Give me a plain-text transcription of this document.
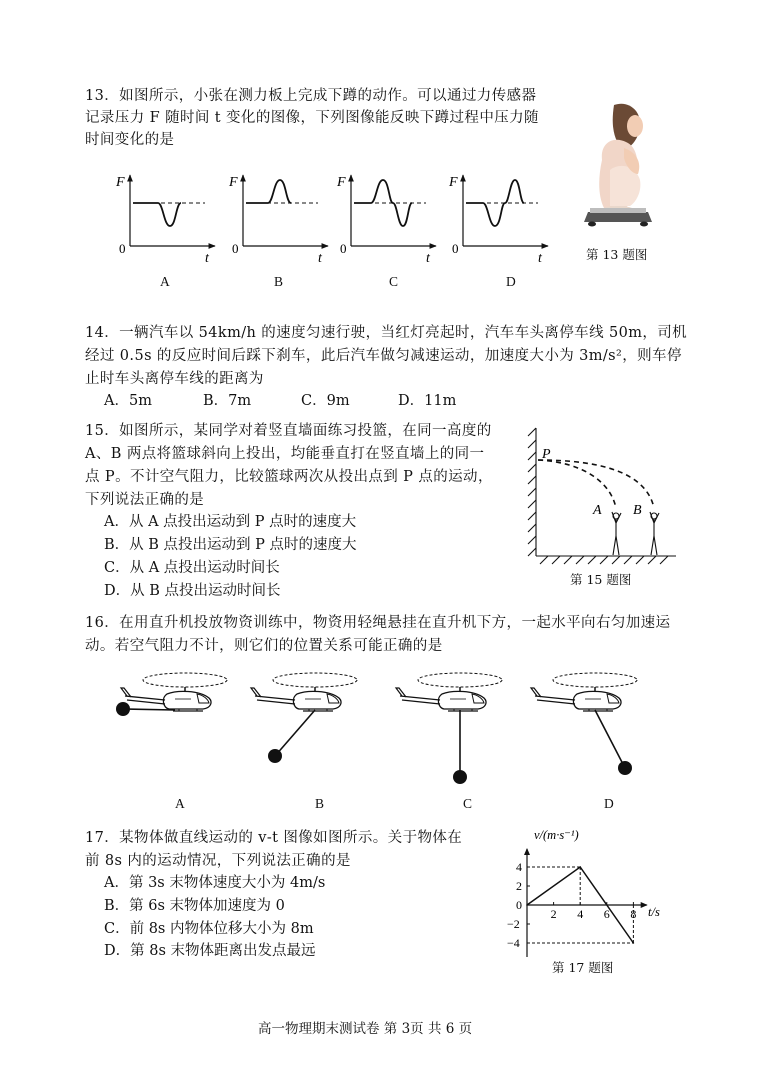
13．如图所示，小张在测力板上完成下蹲的动作。可以通过力传感器
记录压力 F 随时间 t 变化的图像，下列图像能反映下蹲过程中压力随
时间变化的是
F
0
t
F
0
t
F
0
t
F
0
t
A	B	C	D
第 13 题图
14．一辆汽车以 54km/h 的速度匀速行驶，当红灯亮起时，汽车车头离停车线 50m，司机
经过 0.5s 的反应时间后踩下刹车，此后汽车做匀减速运动，加速度大小为 3m/s²，则车停
止时车头离停车线的距离为
A．5m	B．7m	C．9m	D．11m
15．如图所示，某同学对着竖直墙面练习投篮，在同一高度的
A、B 两点将篮球斜向上投出，均能垂直打在竖直墙上的同一
点 P。不计空气阻力，比较篮球两次从投出点到 P 点的运动，
下列说法正确的是
A．从 A 点投出运动到 P 点时的速度大
B．从 B 点投出运动到 P 点时的速度大
C．从 A 点投出运动时间长
D．从 B 点投出运动时间长
P
A B
第 15 题图
16．在用直升机投放物资训练中，物资用轻绳悬挂在直升机下方，一起水平向右匀加速运
动。若空气阻力不计，则它们的位置关系可能正确的是
A	B	C	D
17．某物体做直线运动的 v-t 图像如图所示。关于物体在
前 8s 内的运动情况，下列说法正确的是
A．第 3s 末物体速度大小为 4m/s
B．第 6s 末物体加速度为 0
C．前 8s 内物体位移大小为 8m
D．第 8s 末物体距离出发点最远
0
2 4 6 8
4
2
−2
−4
v/(m·s⁻¹)
t/s
第 17 题图
高一物理期末测试卷 第 3页 共 6 页
